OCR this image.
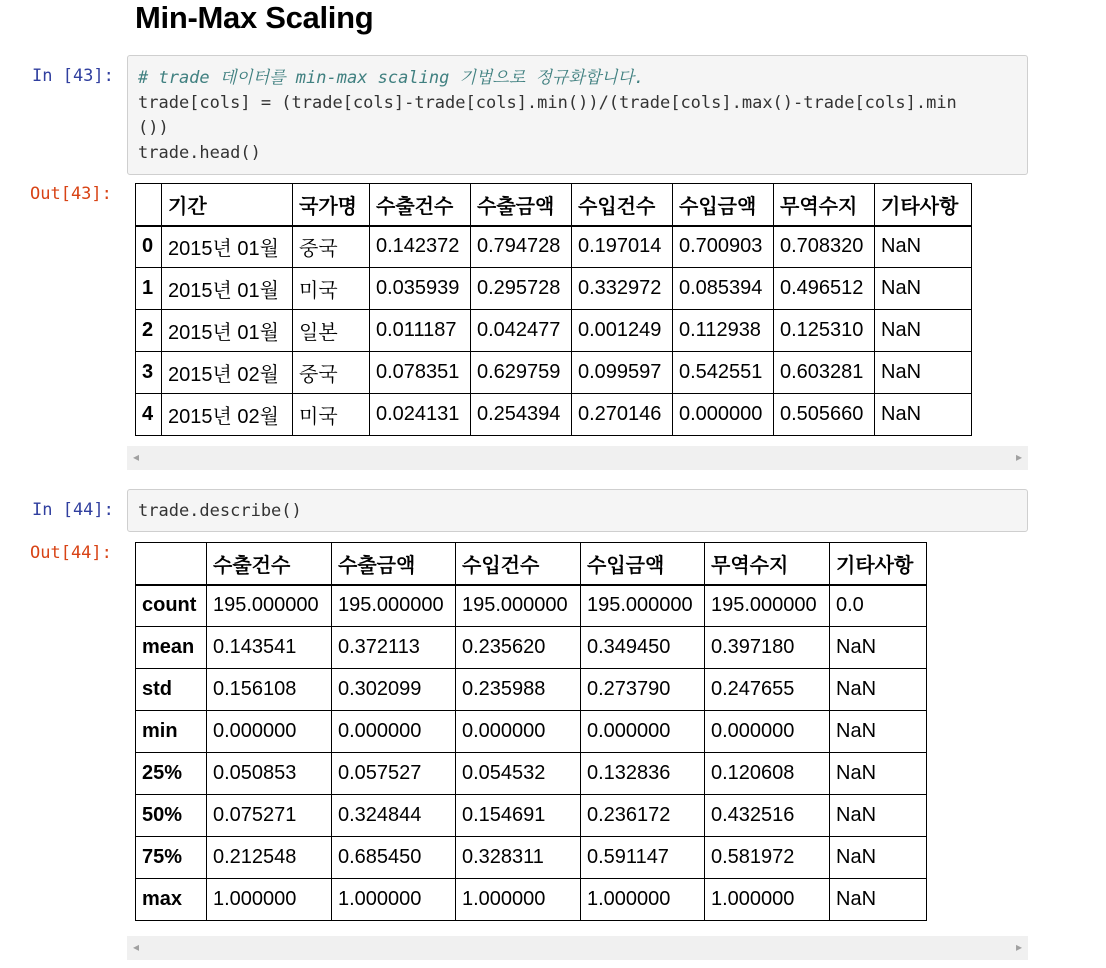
Min-Max Scaling
In [43]:	# trade 데이터를 min-max scaling 기법으로 정규화합니다.
trade[cols] = (trade[cols]-trade[cols].min())/(trade[cols].max()-trade[cols].min
())
trade.head()
Out[43]:
	기간	국가명	수출건수	수출금액	수입건수	수입금액	무역수지	기타사항
0	2015년 01월	중국	0.142372	0.794728	0.197014	0.700903	0.708320	NaN
1	2015년 01월	미국	0.035939	0.295728	0.332972	0.085394	0.496512	NaN
2	2015년 01월	일본	0.011187	0.042477	0.001249	0.112938	0.125310	NaN
3	2015년 02월	중국	0.078351	0.629759	0.099597	0.542551	0.603281	NaN
4	2015년 02월	미국	0.024131	0.254394	0.270146	0.000000	0.505660	NaN
◂	▸
In [44]:	trade.describe()
Out[44]:
	수출건수	수출금액	수입건수	수입금액	무역수지	기타사항
count	195.000000	195.000000	195.000000	195.000000	195.000000	0.0
mean	0.143541	0.372113	0.235620	0.349450	0.397180	NaN
std	0.156108	0.302099	0.235988	0.273790	0.247655	NaN
min	0.000000	0.000000	0.000000	0.000000	0.000000	NaN
25%	0.050853	0.057527	0.054532	0.132836	0.120608	NaN
50%	0.075271	0.324844	0.154691	0.236172	0.432516	NaN
75%	0.212548	0.685450	0.328311	0.591147	0.581972	NaN
max	1.000000	1.000000	1.000000	1.000000	1.000000	NaN
◂	▸
